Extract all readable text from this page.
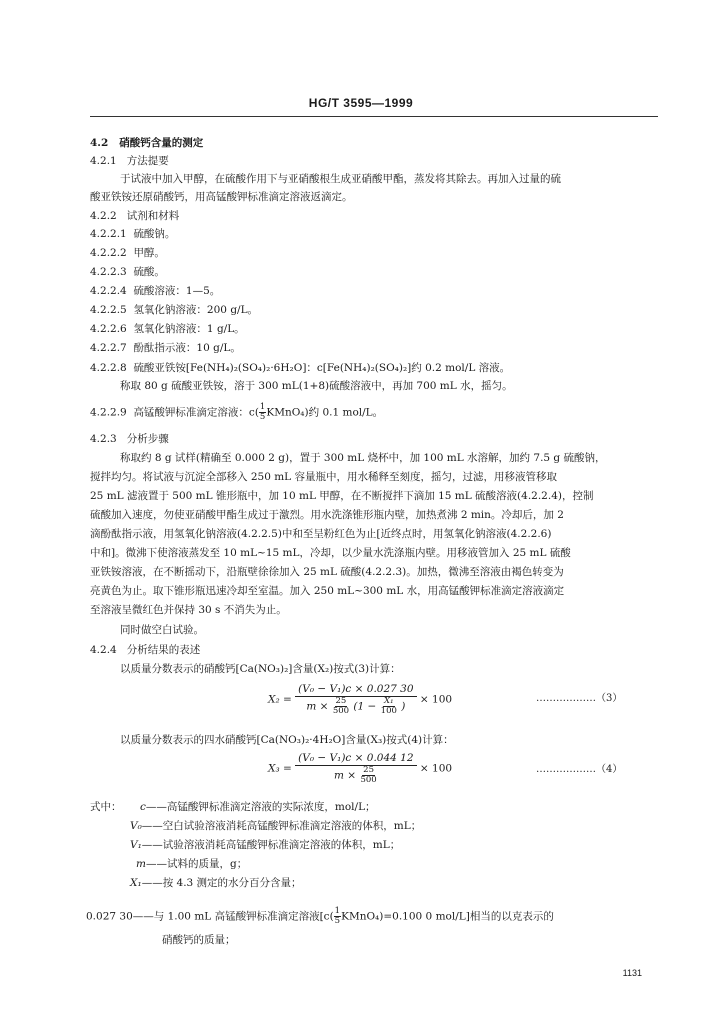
HG/T 3595—1999
4.2 硝酸钙含量的测定
4.2.1 方法提要
于试液中加入甲醇，在硫酸作用下与亚硝酸根生成亚硝酸甲酯，蒸发将其除去。再加入过量的硫
酸亚铁铵还原硝酸钙，用高锰酸钾标准滴定溶液返滴定。
4.2.2 试剂和材料
4.2.2.1 硫酸钠。
4.2.2.2 甲醇。
4.2.2.3 硫酸。
4.2.2.4 硫酸溶液：1—5。
4.2.2.5 氢氧化钠溶液：200 g/L。
4.2.2.6 氢氧化钠溶液：1 g/L。
4.2.2.7 酚酞指示液：10 g/L。
4.2.2.8 硫酸亚铁铵[Fe(NH₄)₂(SO₄)₂·6H₂O]：c[Fe(NH₄)₂(SO₄)₂]约 0.2 mol/L 溶液。
称取 80 g 硫酸亚铁铵，溶于 300 mL(1+8)硫酸溶液中，再加 700 mL 水，摇匀。
4.2.2.9 高锰酸钾标准滴定溶液：$c( \frac{1}{5}$ KMnO₄)约 0.1 mol/L。
4.2.3 分析步骤
称取约 8 g 试样(精确至 0.000 2 g)，置于 300 mL 烧杯中，加 100 mL 水溶解，加约 7.5 g 硫酸钠，
搅拌均匀。将试液与沉淀全部移入 250 mL 容量瓶中，用水稀释至刻度，摇匀，过滤，用移液管移取
25 mL 滤液置于 500 mL 锥形瓶中，加 10 mL 甲醇，在不断搅拌下滴加 15 mL 硫酸溶液(4.2.2.4)，控制
硫酸加入速度，勿使亚硝酸甲酯生成过于激烈。用水洗涤锥形瓶内壁，加热煮沸 2 min。冷却后，加 2
滴酚酞指示液，用氢氧化钠溶液(4.2.2.5)中和至呈粉红色为止[近终点时，用氢氧化钠溶液(4.2.2.6)
中和]。微沸下使溶液蒸发至 10 mL~15 mL，冷却，以少量水洗涤瓶内壁。用移液管加入 25 mL 硫酸
亚铁铵溶液，在不断摇动下，沿瓶壁徐徐加入 25 mL 硫酸(4.2.2.3)。加热，微沸至溶液由褐色转变为
亮黄色为止。取下锥形瓶迅速冷却至室温。加入 250 mL~300 mL 水，用高锰酸钾标准滴定溶液滴定
至溶液呈微红色并保持 30 s 不消失为止。
同时做空白试验。
4.2.4 分析结果的表述
以质量分数表示的硝酸钙[Ca(NO₃)₂]含量(X₂)按式(3)计算：
$X_2 = \frac{\text{(V₀ − V₁)c × 0.027 30}}{m \times \frac{25}{500} (1 - \frac{\text{X₁}}{100} )} \times 100$	………………（3）
以质量分数表示的四水硝酸钙[Ca(NO₃)₂·4H₂O]含量(X₃)按式(4)计算：
$X_3 = \frac{\text{(V₀ − V₁)c × 0.044 12}}{m \times \frac{25}{500}} \times 100$	………………（4）
式中： c——高锰酸钾标准滴定溶液的实际浓度，mol/L；
V₀——空白试验溶液消耗高锰酸钾标准滴定溶液的体积，mL；
V₁——试验溶液消耗高锰酸钾标准滴定溶液的体积，mL；
m——试料的质量，g；
X₁——按 4.3 测定的水分百分含量；
0.027 30——与 1.00 mL 高锰酸钾标准滴定溶液[$c( \frac{1}{5}$ KMnO₄)=0.100 0 mol/L]相当的以克表示的
硝酸钙的质量；
1131
